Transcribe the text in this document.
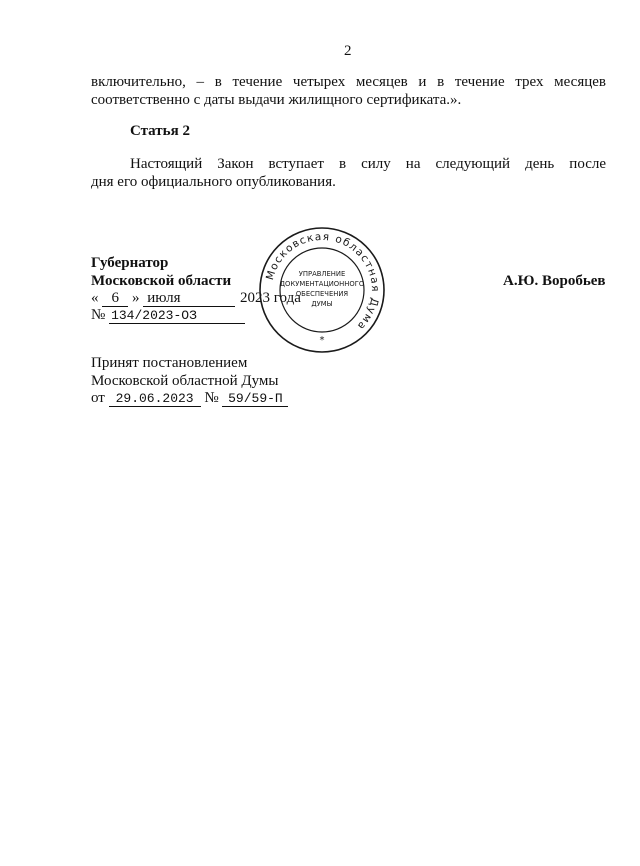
2
включительно, – в течение четырех месяцев и в течение трех месяцев
соответственно с даты выдачи жилищного сертификата.».
Статья 2
Настоящий Закон вступает в силу на следующий день после
дня его официального опубликования.
Губернатор
Московской области	А.Ю. Воробьев
« 6 » июля	2023 года
№ 134/2023-ОЗ
Московская областная Дума
УПРАВЛЕНИЕ
ДОКУМЕНТАЦИОННОГО
ОБЕСПЕЧЕНИЯ
ДУМЫ
*
Принят постановлением
Московской областной Думы
от 29.06.2023 № 59/59-П
